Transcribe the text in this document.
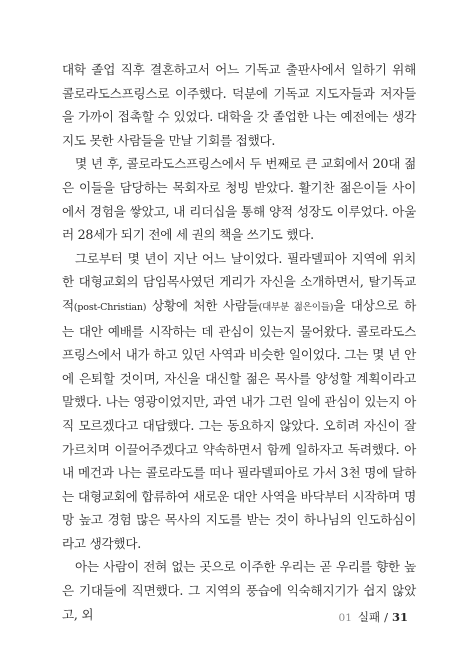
대학 졸업 직후 결혼하고서 어느 기독교 출판사에서 일하기 위해 콜로라도스프링스로 이주했다. 덕분에 기독교 지도자들과 저자들을 가까이 접촉할 수 있었다. 대학을 갓 졸업한 나는 예전에는 생각지도 못한 사람들을 만날 기회를 접했다.

몇 년 후, 콜로라도스프링스에서 두 번째로 큰 교회에서 20대 젊은 이들을 담당하는 목회자로 청빙 받았다. 활기찬 젊은이들 사이에서 경험을 쌓았고, 내 리더십을 통해 양적 성장도 이루었다. 아울러 28세가 되기 전에 세 권의 책을 쓰기도 했다.

그로부터 몇 년이 지난 어느 날이었다. 필라델피아 지역에 위치한 대형교회의 담임목사였던 게리가 자신을 소개하면서, 탈기독교적(post-Christian) 상황에 처한 사람들(대부분 젊은이들)을 대상으로 하는 대안 예배를 시작하는 데 관심이 있는지 물어왔다. 콜로라도스프링스에서 내가 하고 있던 사역과 비슷한 일이었다. 그는 몇 년 안에 은퇴할 것이며, 자신을 대신할 젊은 목사를 양성할 계획이라고 말했다. 나는 영광이었지만, 과연 내가 그런 일에 관심이 있는지 아직 모르겠다고 대답했다. 그는 동요하지 않았다. 오히려 자신이 잘 가르치며 이끌어주겠다고 약속하면서 함께 일하자고 독려했다. 아내 메건과 나는 콜로라도를 떠나 필라델피아로 가서 3천 명에 달하는 대형교회에 합류하여 새로운 대안 사역을 바닥부터 시작하며 명망 높고 경험 많은 목사의 지도를 받는 것이 하나님의 인도하심이라고 생각했다.

아는 사람이 전혀 없는 곳으로 이주한 우리는 곧 우리를 향한 높은 기대들에 직면했다. 그 지역의 풍습에 익숙해지기가 쉽지 않았고, 외	01 실패 / 31
